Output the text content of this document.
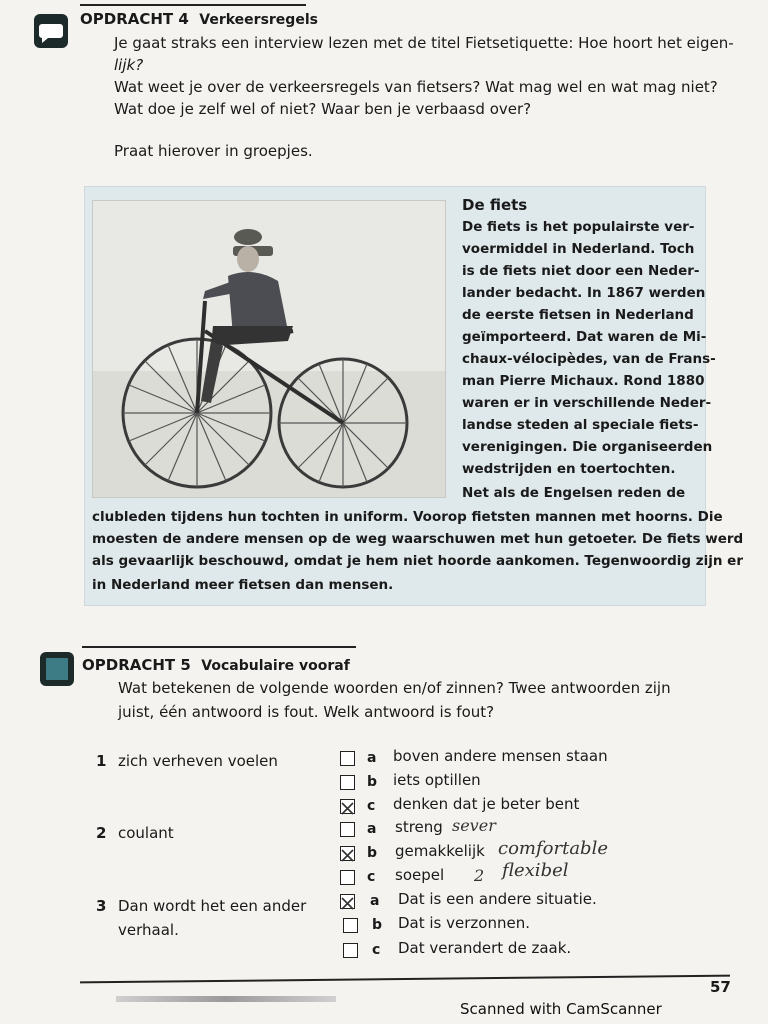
OPDRACHT 4 Verkeersregels
Je gaat straks een interview lezen met de titel Fietsetiquette: Hoe hoort het eigen-
lijk?
Wat weet je over de verkeersregels van fietsers? Wat mag wel en wat mag niet?
Wat doe je zelf wel of niet? Waar ben je verbaasd over?
Praat hierover in groepjes.
De fiets
De fiets is het populairste ver-
voermiddel in Nederland. Toch
is de fiets niet door een Neder-
lander bedacht. In 1867 werden
de eerste fietsen in Nederland
geïmporteerd. Dat waren de Mi-
chaux-vélocipèdes, van de Frans-
man Pierre Michaux. Rond 1880
waren er in verschillende Neder-
landse steden al speciale fiets-
verenigingen. Die organiseerden
wedstrijden en toertochten.
Net als de Engelsen reden de
clubleden tijdens hun tochten in uniform. Voorop fietsten mannen met hoorns. Die
moesten de andere mensen op de weg waarschuwen met hun getoeter. De fiets werd
als gevaarlijk beschouwd, omdat je hem niet hoorde aankomen. Tegenwoordig zijn er
in Nederland meer fietsen dan mensen.
OPDRACHT 5 Vocabulaire vooraf
Wat betekenen de volgende woorden en/of zinnen? Twee antwoorden zijn
juist, één antwoord is fout. Welk antwoord is fout?
1 zich verheven voelen	a boven andere mensen staan
b iets optillen
c denken dat je beter bent
2 coulant	a streng sever
b gemakkelijk comfortable
c soepel 2 flexibel
3 Dan wordt het een ander
verhaal.
a Dat is een andere situatie.
b Dat is verzonnen.
c Dat verandert de zaak.
57
Scanned with CamScanner
